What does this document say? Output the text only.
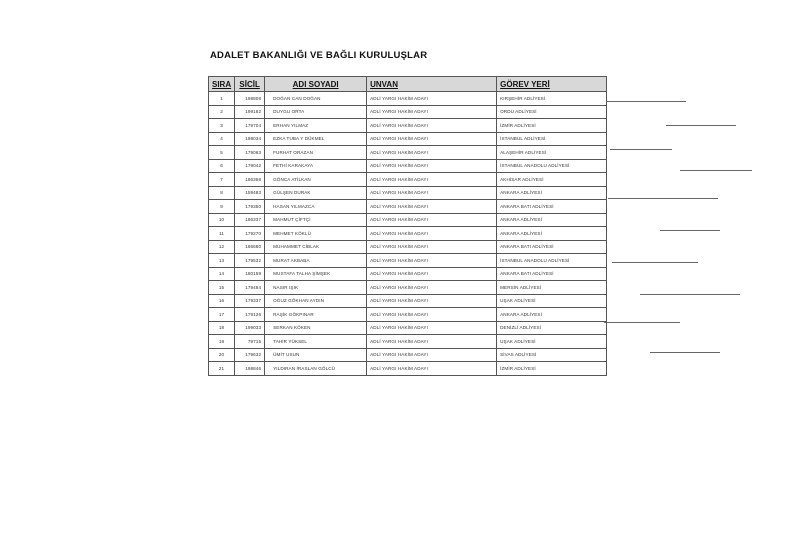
ADALET BAKANLIĞI VE BAĞLI KURULUŞLAR
SIRA	SİCİL	ADI SOYADI	UNVAN	GÖREV YERİ
1	198808	DOĞAN CAN DOĞAN	ADLİ YARGI HAKİM ADAYI	KIRŞEHİR ADLİYESİ
2	199182	DUYGU ORTA	ADLİ YARGI HAKİM ADAYI	ORDU ADLİYESİ
3	179704	ERHAN YILMAZ	ADLİ YARGI HAKİM ADAYI	İZMİR ADLİYESİ
4	198034	EZKA TUBA Y DÜKMEL	ADLİ YARGI HAKİM ADAYI	İSTANBUL ADLİYESİ
5	179063	FURHAT ORAZAN	ADLİ YARGI HAKİM ADAYI	ALAŞEHİR ADLİYESİ
6	179042	FETHİ KARAKAYA	ADLİ YARGI HAKİM ADAYI	İSTANBUL ANADOLU ADLİYESİ
7	186358	GÖNCA ATİLKAN	ADLİ YARGI HAKİM ADAYI	AKHİSAR ADLİYESİ
8	159483	GÜLŞEN DURAK	ADLİ YARGI HAKİM ADAYI	ANKARA ADLİYESİ
9	179350	HASAN YILMAZCA	ADLİ YARGI HAKİM ADAYI	ANKARA BATI ADLİYESİ
10	186337	MAHMUT ÇİFTÇİ	ADLİ YARGI HAKİM ADAYI	ANKARA ADLİYESİ
11	179270	MEHMET KÖKLÜ	ADLİ YARGI HAKİM ADAYI	ANKARA ADLİYESİ
12	186680	MUHAMMET CİBLAK	ADLİ YARGI HAKİM ADAYI	ANKARA BATI ADLİYESİ
13	179532	MURAT AKBABA	ADLİ YARGI HAKİM ADAYI	İSTANBUL ANADOLU ADLİYESİ
14	180159	MUSTAFA TALHA ŞİMŞEK	ADLİ YARGI HAKİM ADAYI	ANKARA BATI ADLİYESİ
15	179484	NASIR IŞIK	ADLİ YARGI HAKİM ADAYI	MERSİN ADLİYESİ
16	179337	OĞUZ GÖKHAN AYDIN	ADLİ YARGI HAKİM ADAYI	UŞAK ADLİYESİ
17	179126	RAŞİK GÖKPINAR	ADLİ YARGI HAKİM ADAYI	ANKARA ADLİYESİ
18	199033	SERKAN KÖKEN	ADLİ YARGI HAKİM ADAYI	DENİZLİ ADLİYESİ
19	79715	TAHİR YÜKSEL	ADLİ YARGI HAKİM ADAYI	UŞAK ADLİYESİ
20	179632	ÜMİT USUN	ADLİ YARGI HAKİM ADAYI	SİVAS ADLİYESİ
21	198846	YILDIRAN İRASLAN GÖLCÜ	ADLİ YARGI HAKİM ADAYI	İZMİR ADLİYESİ
